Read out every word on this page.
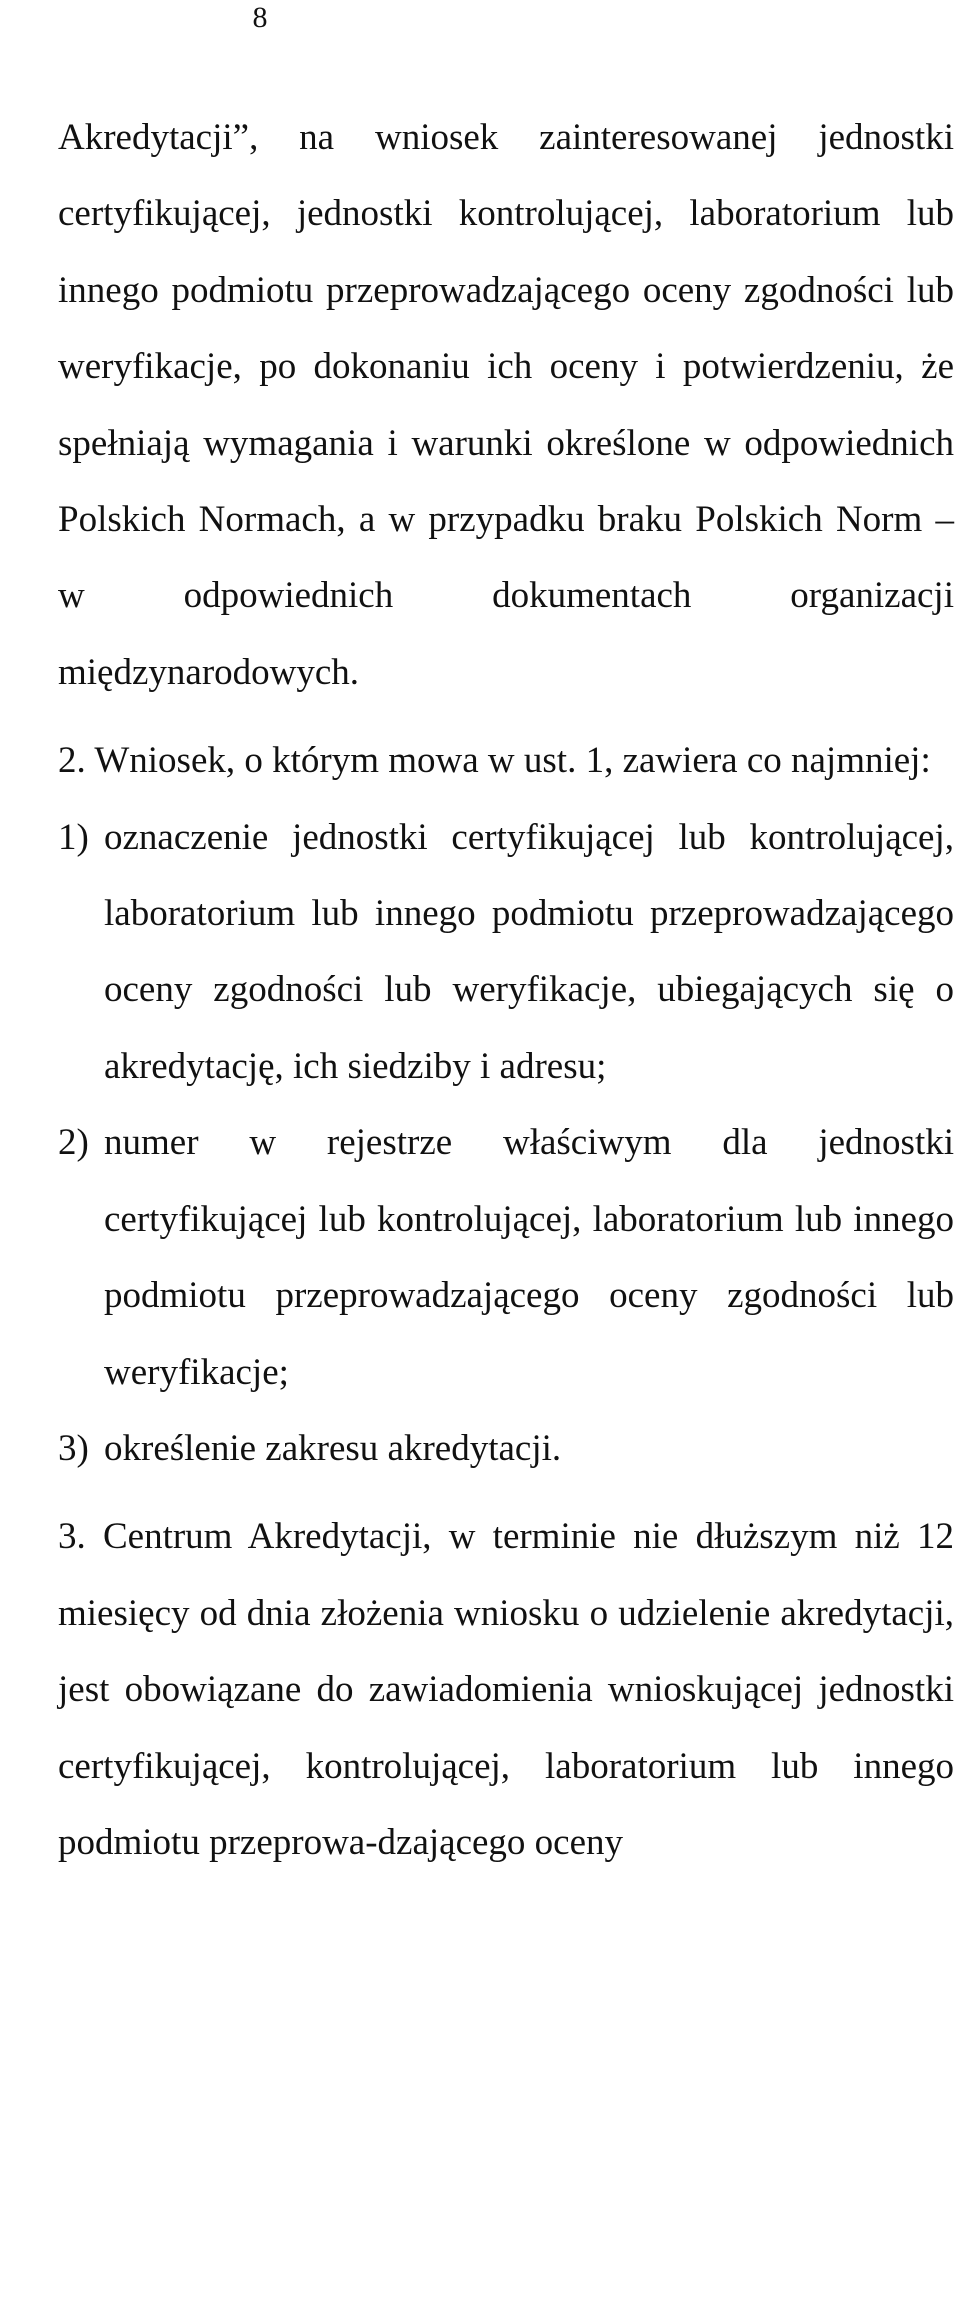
8

Akredytacji”, na wniosek zainteresowanej jednostki certyfikującej, jednostki kontrolującej, laboratorium lub innego podmiotu przeprowadzającego oceny zgodności lub weryfikacje, po dokonaniu ich oceny i potwierdzeniu, że spełniają wymagania i warunki określone w odpowiednich Polskich Normach, a w przypadku braku Polskich Norm – w odpowiednich dokumentach organizacji międzynarodowych.

2. Wniosek, o którym mowa w ust. 1, zawiera co najmniej:

1) oznaczenie jednostki certyfikującej lub kontrolującej, laboratorium lub innego podmiotu przeprowadzającego oceny zgodności lub weryfikacje, ubiegających się o akredytację, ich siedziby i adresu;
2) numer w rejestrze właściwym dla jednostki certyfikującej lub kontrolującej, laboratorium lub innego podmiotu przeprowadzającego oceny zgodności lub weryfikacje;
3) określenie zakresu akredytacji.

3. Centrum Akredytacji, w terminie nie dłuższym niż 12 miesięcy od dnia złożenia wniosku o udzielenie akredytacji, jest obowiązane do zawiadomienia wnioskującej jednostki certyfikującej, kontrolującej, laboratorium lub innego podmiotu przeprowa-dzającego oceny
